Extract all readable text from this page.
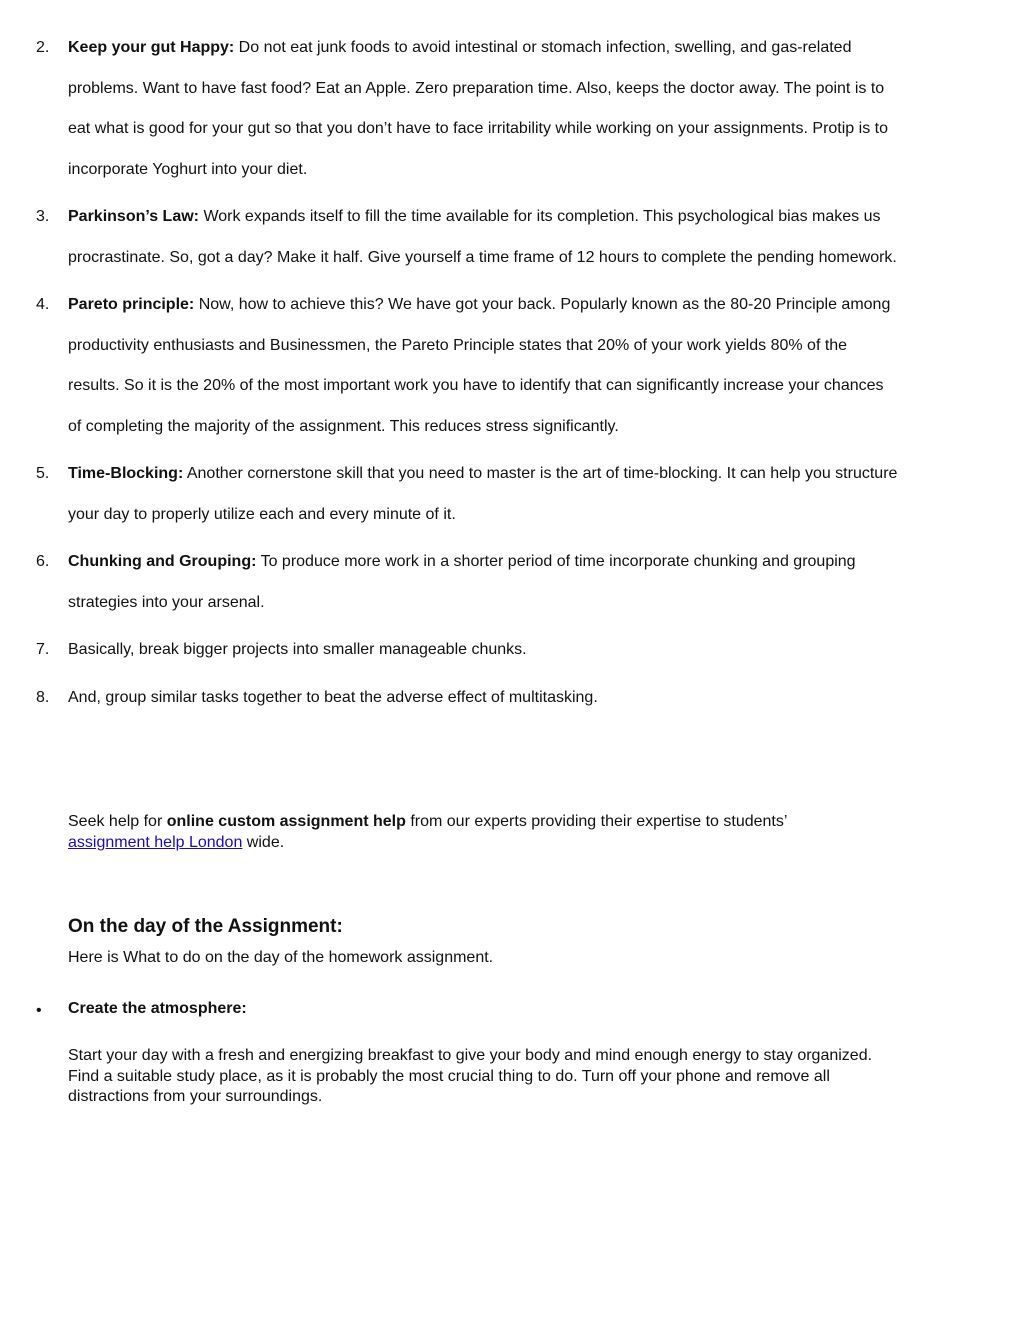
2. Keep your gut Happy: Do not eat junk foods to avoid intestinal or stomach infection, swelling, and gas-related problems. Want to have fast food? Eat an Apple. Zero preparation time. Also, keeps the doctor away. The point is to eat what is good for your gut so that you don’t have to face irritability while working on your assignments. Protip is to incorporate Yoghurt into your diet.
3. Parkinson’s Law: Work expands itself to fill the time available for its completion. This psychological bias makes us procrastinate. So, got a day? Make it half. Give yourself a time frame of 12 hours to complete the pending homework.
4. Pareto principle: Now, how to achieve this? We have got your back. Popularly known as the 80-20 Principle among productivity enthusiasts and Businessmen, the Pareto Principle states that 20% of your work yields 80% of the results. So it is the 20% of the most important work you have to identify that can significantly increase your chances of completing the majority of the assignment. This reduces stress significantly.
5. Time-Blocking: Another cornerstone skill that you need to master is the art of time-blocking. It can help you structure your day to properly utilize each and every minute of it.
6. Chunking and Grouping: To produce more work in a shorter period of time incorporate chunking and grouping strategies into your arsenal.
7. Basically, break bigger projects into smaller manageable chunks.
8. And, group similar tasks together to beat the adverse effect of multitasking.
Seek help for online custom assignment help from our experts providing their expertise to students’ assignment help London wide.
On the day of the Assignment:
Here is What to do on the day of the homework assignment.
• Create the atmosphere:
Start your day with a fresh and energizing breakfast to give your body and mind enough energy to stay organized. Find a suitable study place, as it is probably the most crucial thing to do. Turn off your phone and remove all distractions from your surroundings.
